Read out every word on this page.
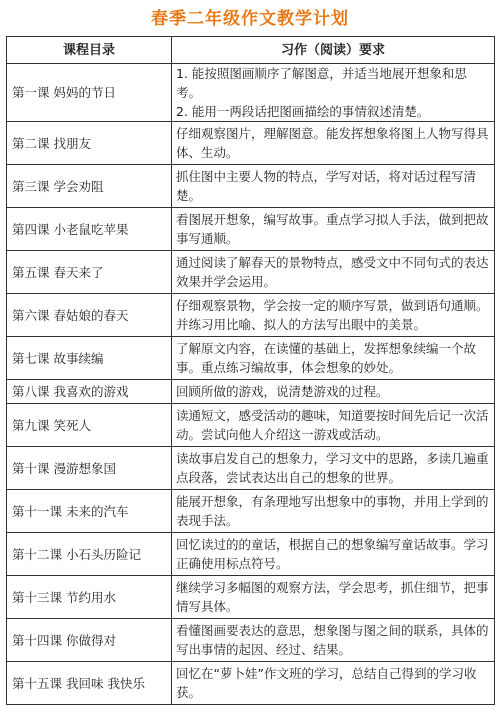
春季二年级作文教学计划
课程目录	习作（阅读）要求
第一课 妈妈的节日	1. 能按照图画顺序了解图意，并适当地展开想象和思考。
2. 能用一两段话把图画描绘的事情叙述清楚。

第二课 找朋友	仔细观察图片，理解图意。能发挥想象将图上人物写得具体、生动。
第三课 学会劝阻	抓住图中主要人物的特点，学写对话，将对话过程写清楚。
第四课 小老鼠吃苹果	看图展开想象，编写故事。重点学习拟人手法，做到把故事写通顺。
第五课 春天来了	通过阅读了解春天的景物特点，感受文中不同句式的表达效果并学会运用。
第六课 春姑娘的春天	仔细观察景物，学会按一定的顺序写景，做到语句通顺。并练习用比喻、拟人的方法写出眼中的美景。
第七课 故事续编	了解原文内容，在读懂的基础上，发挥想象续编一个故事。重点练习编故事，体会想象的妙处。
第八课 我喜欢的游戏	回顾所做的游戏，说清楚游戏的过程。
第九课 笑死人	读通短文，感受活动的趣味，知道要按时间先后记一次活动。尝试向他人介绍这一游戏或活动。
第十课 漫游想象国	读故事启发自己的想象力，学习文中的思路，多读几遍重点段落，尝试表达出自己的想象的世界。
第十一课 未来的汽车	能展开想象，有条理地写出想象中的事物，并用上学到的表现手法。
第十二课 小石头历险记	回忆读过的的童话，根据自己的想象编写童话故事。学习正确使用标点符号。
第十三课 节约用水	继续学习多幅图的观察方法，学会思考，抓住细节，把事情写具体。
第十四课 你做得对	看懂图画要表达的意思，想象图与图之间的联系，具体的写出事情的起因、经过、结果。
第十五课 我回味 我快乐	回忆在“萝卜娃”作文班的学习，总结自己得到的学习收获。
